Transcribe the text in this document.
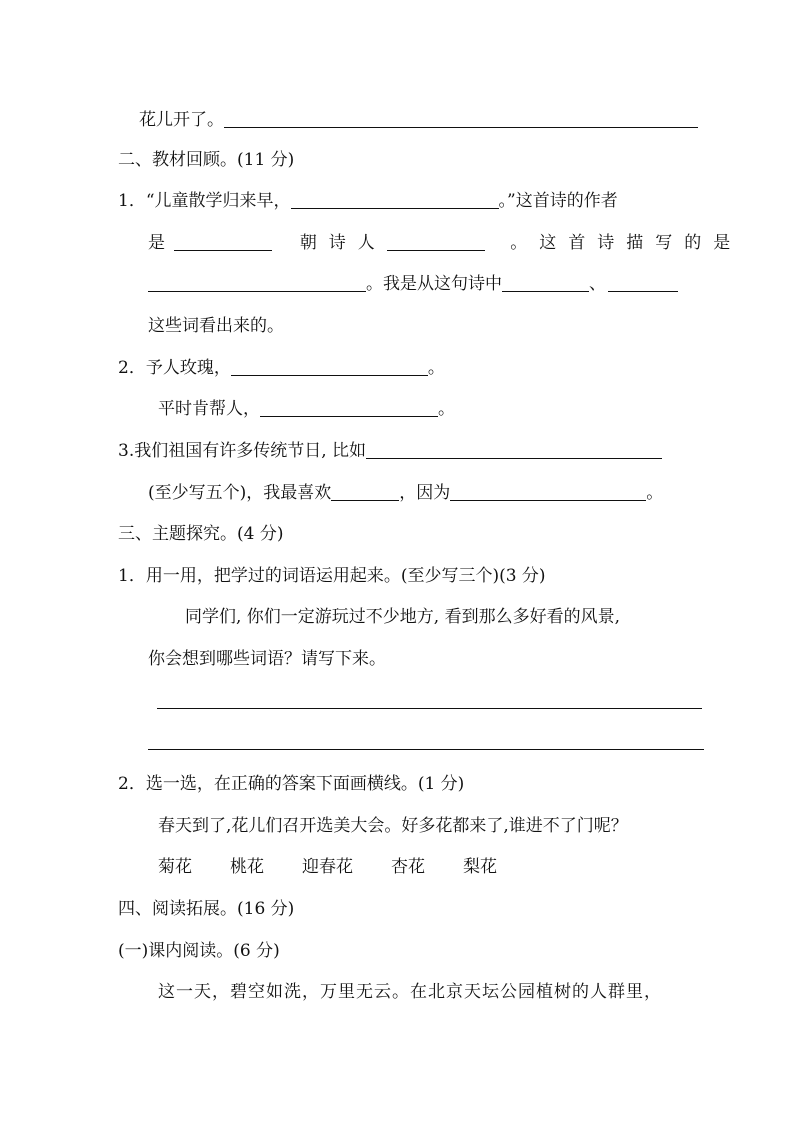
花儿开了。
二、教材回顾。(11 分)
1．“儿童散学归来早，	。”这首诗的作者
是	朝诗人	。这首诗描写的是
。我是从这句诗中	、
这些词看出来的。
2．予人玫瑰，	。
平时肯帮人，	。
3.我们祖国有许多传统节日, 比如
(至少写五个)，我最喜欢	，因为	。
三、主题探究。(4 分)
1．用一用，把学过的词语运用起来。(至少写三个)(3 分)
同学们, 你们一定游玩过不少地方, 看到那么多好看的风景,
你会想到哪些词语？请写下来。
2．选一选，在正确的答案下面画横线。(1 分)
春天到了,花儿们召开选美大会。好多花都来了,谁进不了门呢？
菊花 桃花 迎春花 杏花 梨花
四、阅读拓展。(16 分)
(一)课内阅读。(6 分)
这一天，碧空如洗，万里无云。在北京天坛公园植树的人群里，
